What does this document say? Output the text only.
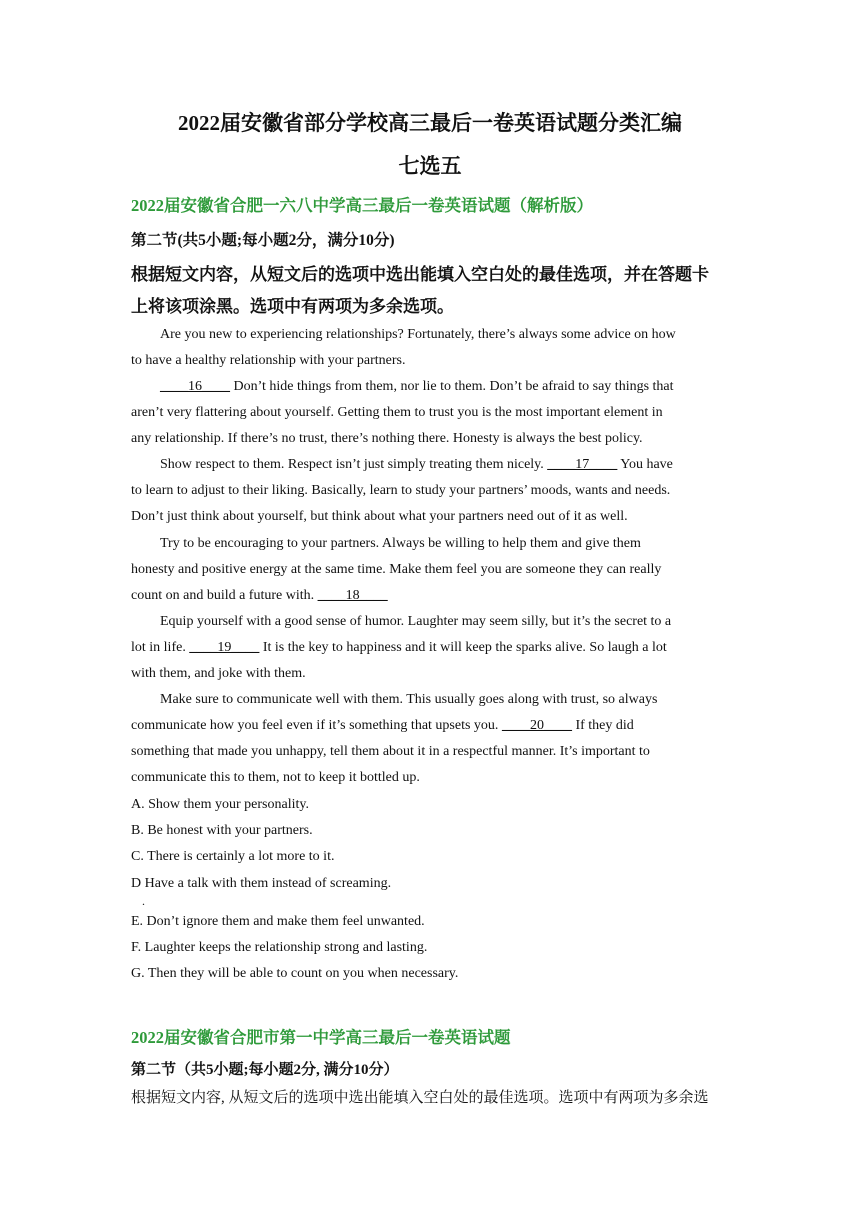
2022届安徽省部分学校高三最后一卷英语试题分类汇编
七选五
2022届安徽省合肥一六八中学高三最后一卷英语试题（解析版）
第二节(共5小题;每小题2分，满分10分)
根据短文内容，从短文后的选项中选出能填入空白处的最佳选项，并在答题卡
上将该项涂黑。选项中有两项为多余选项。
Are you new to experiencing relationships? Fortunately, there’s always some advice on how
to have a healthy relationship with your partners.
____16____ Don’t hide things from them, nor lie to them. Don’t be afraid to say things that
aren’t very flattering about yourself. Getting them to trust you is the most important element in
any relationship. If there’s no trust, there’s nothing there. Honesty is always the best policy.
Show respect to them. Respect isn’t just simply treating them nicely. ____17____ You have
to learn to adjust to their liking. Basically, learn to study your partners’ moods, wants and needs.
Don’t just think about yourself, but think about what your partners need out of it as well.
Try to be encouraging to your partners. Always be willing to help them and give them
honesty and positive energy at the same time. Make them feel you are someone they can really
count on and build a future with. ____18____
Equip yourself with a good sense of humor. Laughter may seem silly, but it’s the secret to a
lot in life. ____19____ It is the key to happiness and it will keep the sparks alive. So laugh a lot
with them, and joke with them.
Make sure to communicate well with them. This usually goes along with trust, so always
communicate how you feel even if it’s something that upsets you. ____20____ If they did
something that made you unhappy, tell them about it in a respectful manner. It’s important to
communicate this to them, not to keep it bottled up.
A. Show them your personality.
B. Be honest with your partners.
C. There is certainly a lot more to it.
D Have a talk with them instead of screaming.
.
E. Don’t ignore them and make them feel unwanted.
F. Laughter keeps the relationship strong and lasting.
G. Then they will be able to count on you when necessary.
2022届安徽省合肥市第一中学高三最后一卷英语试题
第二节（共5小题;每小题2分, 满分10分）
根据短文内容, 从短文后的选项中选出能填入空白处的最佳选项。选项中有两项为多余选
